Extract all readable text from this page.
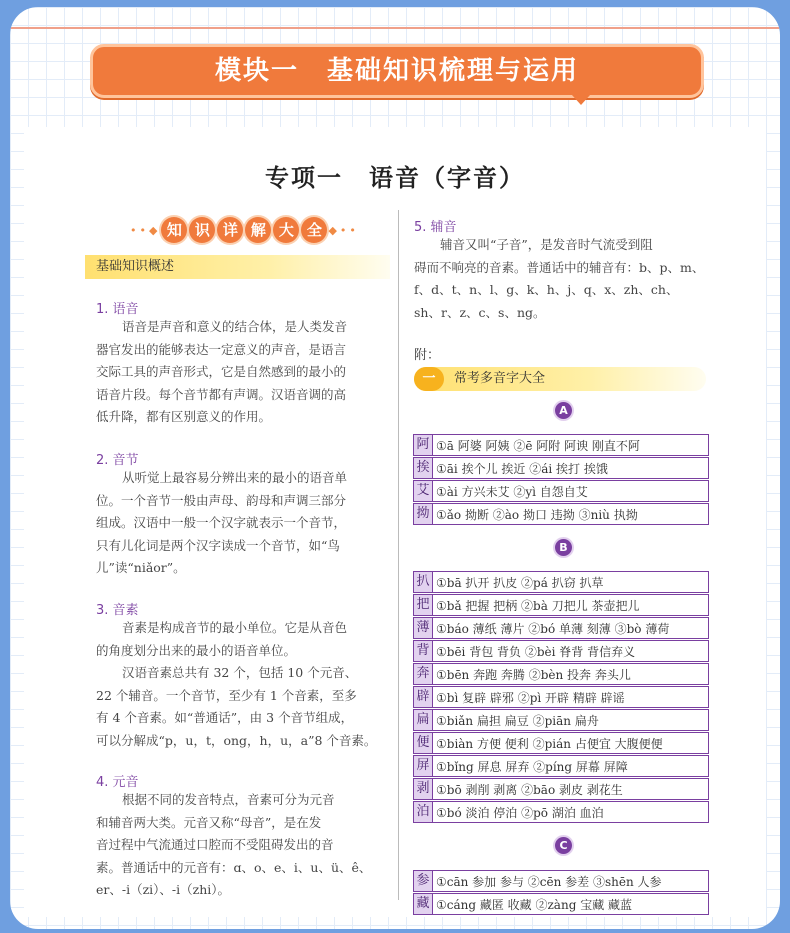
模块一　基础知识梳理与运用
专项一　语音（字音）
••◆ 知 识 详 解 大 全 ◆••
基础知识概述
1. 语音

语音是声音和意义的结合体，是人类发音

器官发出的能够表达一定意义的声音，是语言
交际工具的声音形式，它是自然感到的最小的
语音片段。每个音节都有声调。汉语音调的高
低升降，都有区别意义的作用。
2. 音节

从听觉上最容易分辨出来的最小的语音单

位。一个音节一般由声母、韵母和声调三部分
组成。汉语中一般一个汉字就表示一个音节，
只有儿化词是两个汉字读成一个音节，如“鸟
儿”读“niǎor”。
3. 音素

音素是构成音节的最小单位。它是从音色

的角度划分出来的最小的语音单位。

汉语音素总共有 32 个，包括 10 个元音、

22 个辅音。一个音节，至少有 1 个音素，至多
有 4 个音素。如“普通话”，由 3 个音节组成，
可以分解成“p，u，t，ong，h，u，a”8 个音素。
4. 元音

根据不同的发音特点，音素可分为元音

和辅音两大类。元音又称“母音”，是在发
音过程中气流通过口腔而不受阻碍发出的音
素。普通话中的元音有：ɑ、o、e、i、u、ü、ê、
er、-i（zi）、-i（zhi）。
5. 辅音

辅音又叫“子音”，是发音时气流受到阻

碍而不响亮的音素。普通话中的辅音有：b、p、m、
f、d、t、n、l、g、k、h、j、q、x、zh、ch、
sh、r、z、c、s、ng。
附：
一	常考多音字大全
A
阿 ①ā 阿婆 阿姨 ②ē 阿附 阿谀 刚直不阿
挨 ①āi 挨个儿 挨近 ②ái 挨打 挨饿
艾 ①ài 方兴未艾 ②yì 自怨自艾
拗 ①ǎo 拗断 ②ào 拗口 违拗 ③niù 执拗
B
扒 ①bā 扒开 扒皮 ②pá 扒窃 扒草
把 ①bǎ 把握 把柄 ②bà 刀把儿 茶壶把儿
薄 ①báo 薄纸 薄片 ②bó 单薄 刻薄 ③bò 薄荷
背 ①bēi 背包 背负 ②bèi 脊背 背信弃义
奔 ①bēn 奔跑 奔腾 ②bèn 投奔 奔头儿
辟 ①bì 复辟 辟邪 ②pì 开辟 精辟 辟谣
扁 ①biǎn 扁担 扁豆 ②piān 扁舟
便 ①biàn 方便 便利 ②pián 占便宜 大腹便便
屏 ①bǐng 屏息 屏弃 ②píng 屏幕 屏障
剥 ①bō 剥削 剥离 ②bāo 剥皮 剥花生
泊 ①bó 淡泊 停泊 ②pō 湖泊 血泊
C
参 ①cān 参加 参与 ②cēn 参差 ③shēn 人参
藏 ①cáng 藏匿 收藏 ②zàng 宝藏 藏蓝
